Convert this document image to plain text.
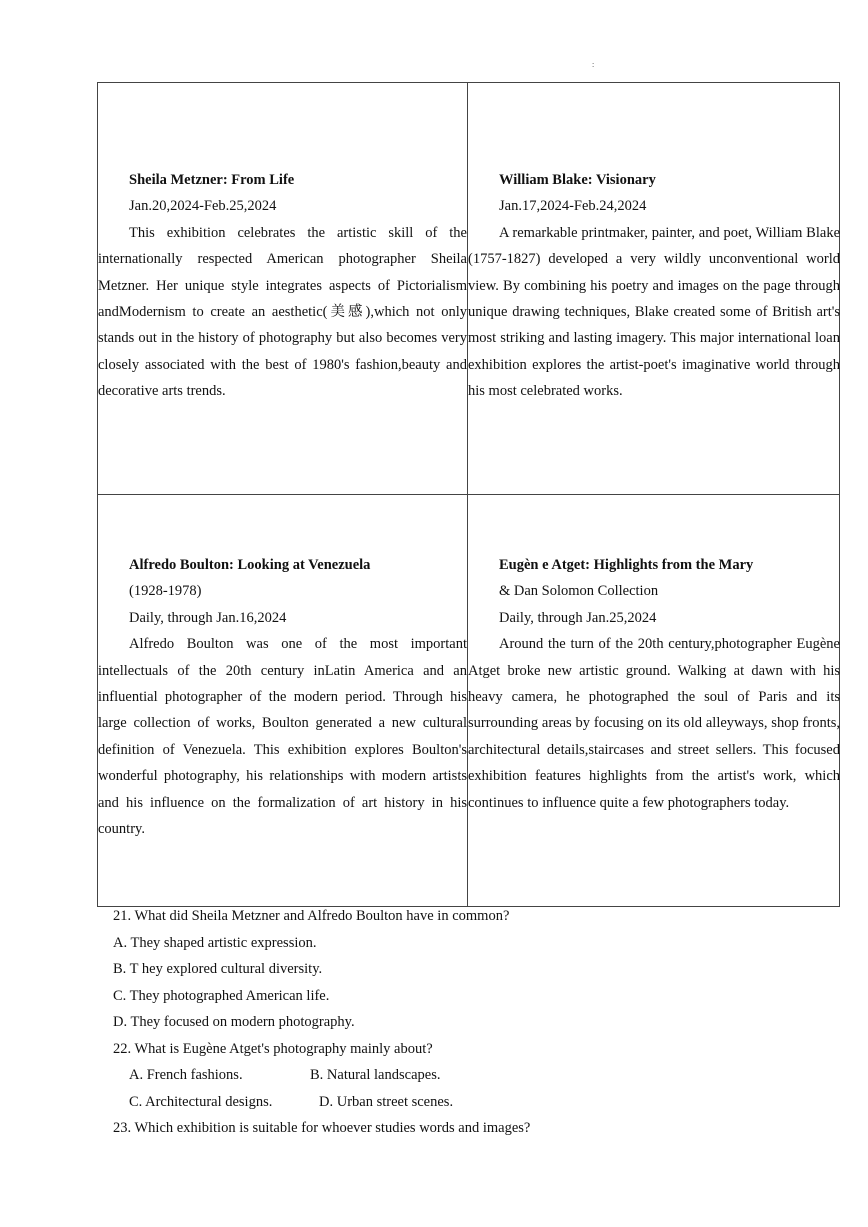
:
Sheila Metzner: From Life
Jan.20,2024-Feb.25,2024

This exhibition celebrates the artistic skill of the internationally respected American photographer Sheila Metzner. Her unique style integrates aspects of Pictorialism andModernism to create an aesthetic(美感),which not only stands out in the history of photography but also becomes very closely associated with the best of 1980's fashion,beauty and decorative arts trends.

William Blake: Visionary
Jan.17,2024-Feb.24,2024

A remarkable printmaker, painter, and poet, William Blake (1757-1827) developed a very wildly unconventional world view. By combining his poetry and images on the page through unique drawing techniques, Blake created some of British art's most striking and lasting imagery. This major international loan exhibition explores the artist-poet's imaginative world through his most celebrated works.

Alfredo Boulton: Looking at Venezuela
(1928-1978)
Daily, through Jan.16,2024

Alfredo Boulton was one of the most important intellectuals of the 20th century inLatin America and an influential photographer of the modern period. Through his large collection of works, Boulton generated a new cultural definition of Venezuela. This exhibition explores Boulton's wonderful photography, his relationships with modern artists and his influence on the formalization of art history in his country.

Eugèn e Atget: Highlights from the Mary
& Dan Solomon Collection
Daily, through Jan.25,2024

Around the turn of the 20th century,photographer Eugène Atget broke new artistic ground. Walking at dawn with his heavy camera, he photographed the soul of Paris and its surrounding areas by focusing on its old alleyways, shop fronts, architectural details,staircases and street sellers. This focused exhibition features highlights from the artist's work, which continues to influence quite a few photographers today.

21. What did Sheila Metzner and Alfredo Boulton have in common?
A. They shaped artistic expression.
B. T hey explored cultural diversity.
C. They photographed American life.
D. They focused on modern photography.
22. What is Eugène Atget's photography mainly about?
A. French fashions.	B. Natural landscapes.
C. Architectural designs.	D. Urban street scenes.
23. Which exhibition is suitable for whoever studies words and images?
